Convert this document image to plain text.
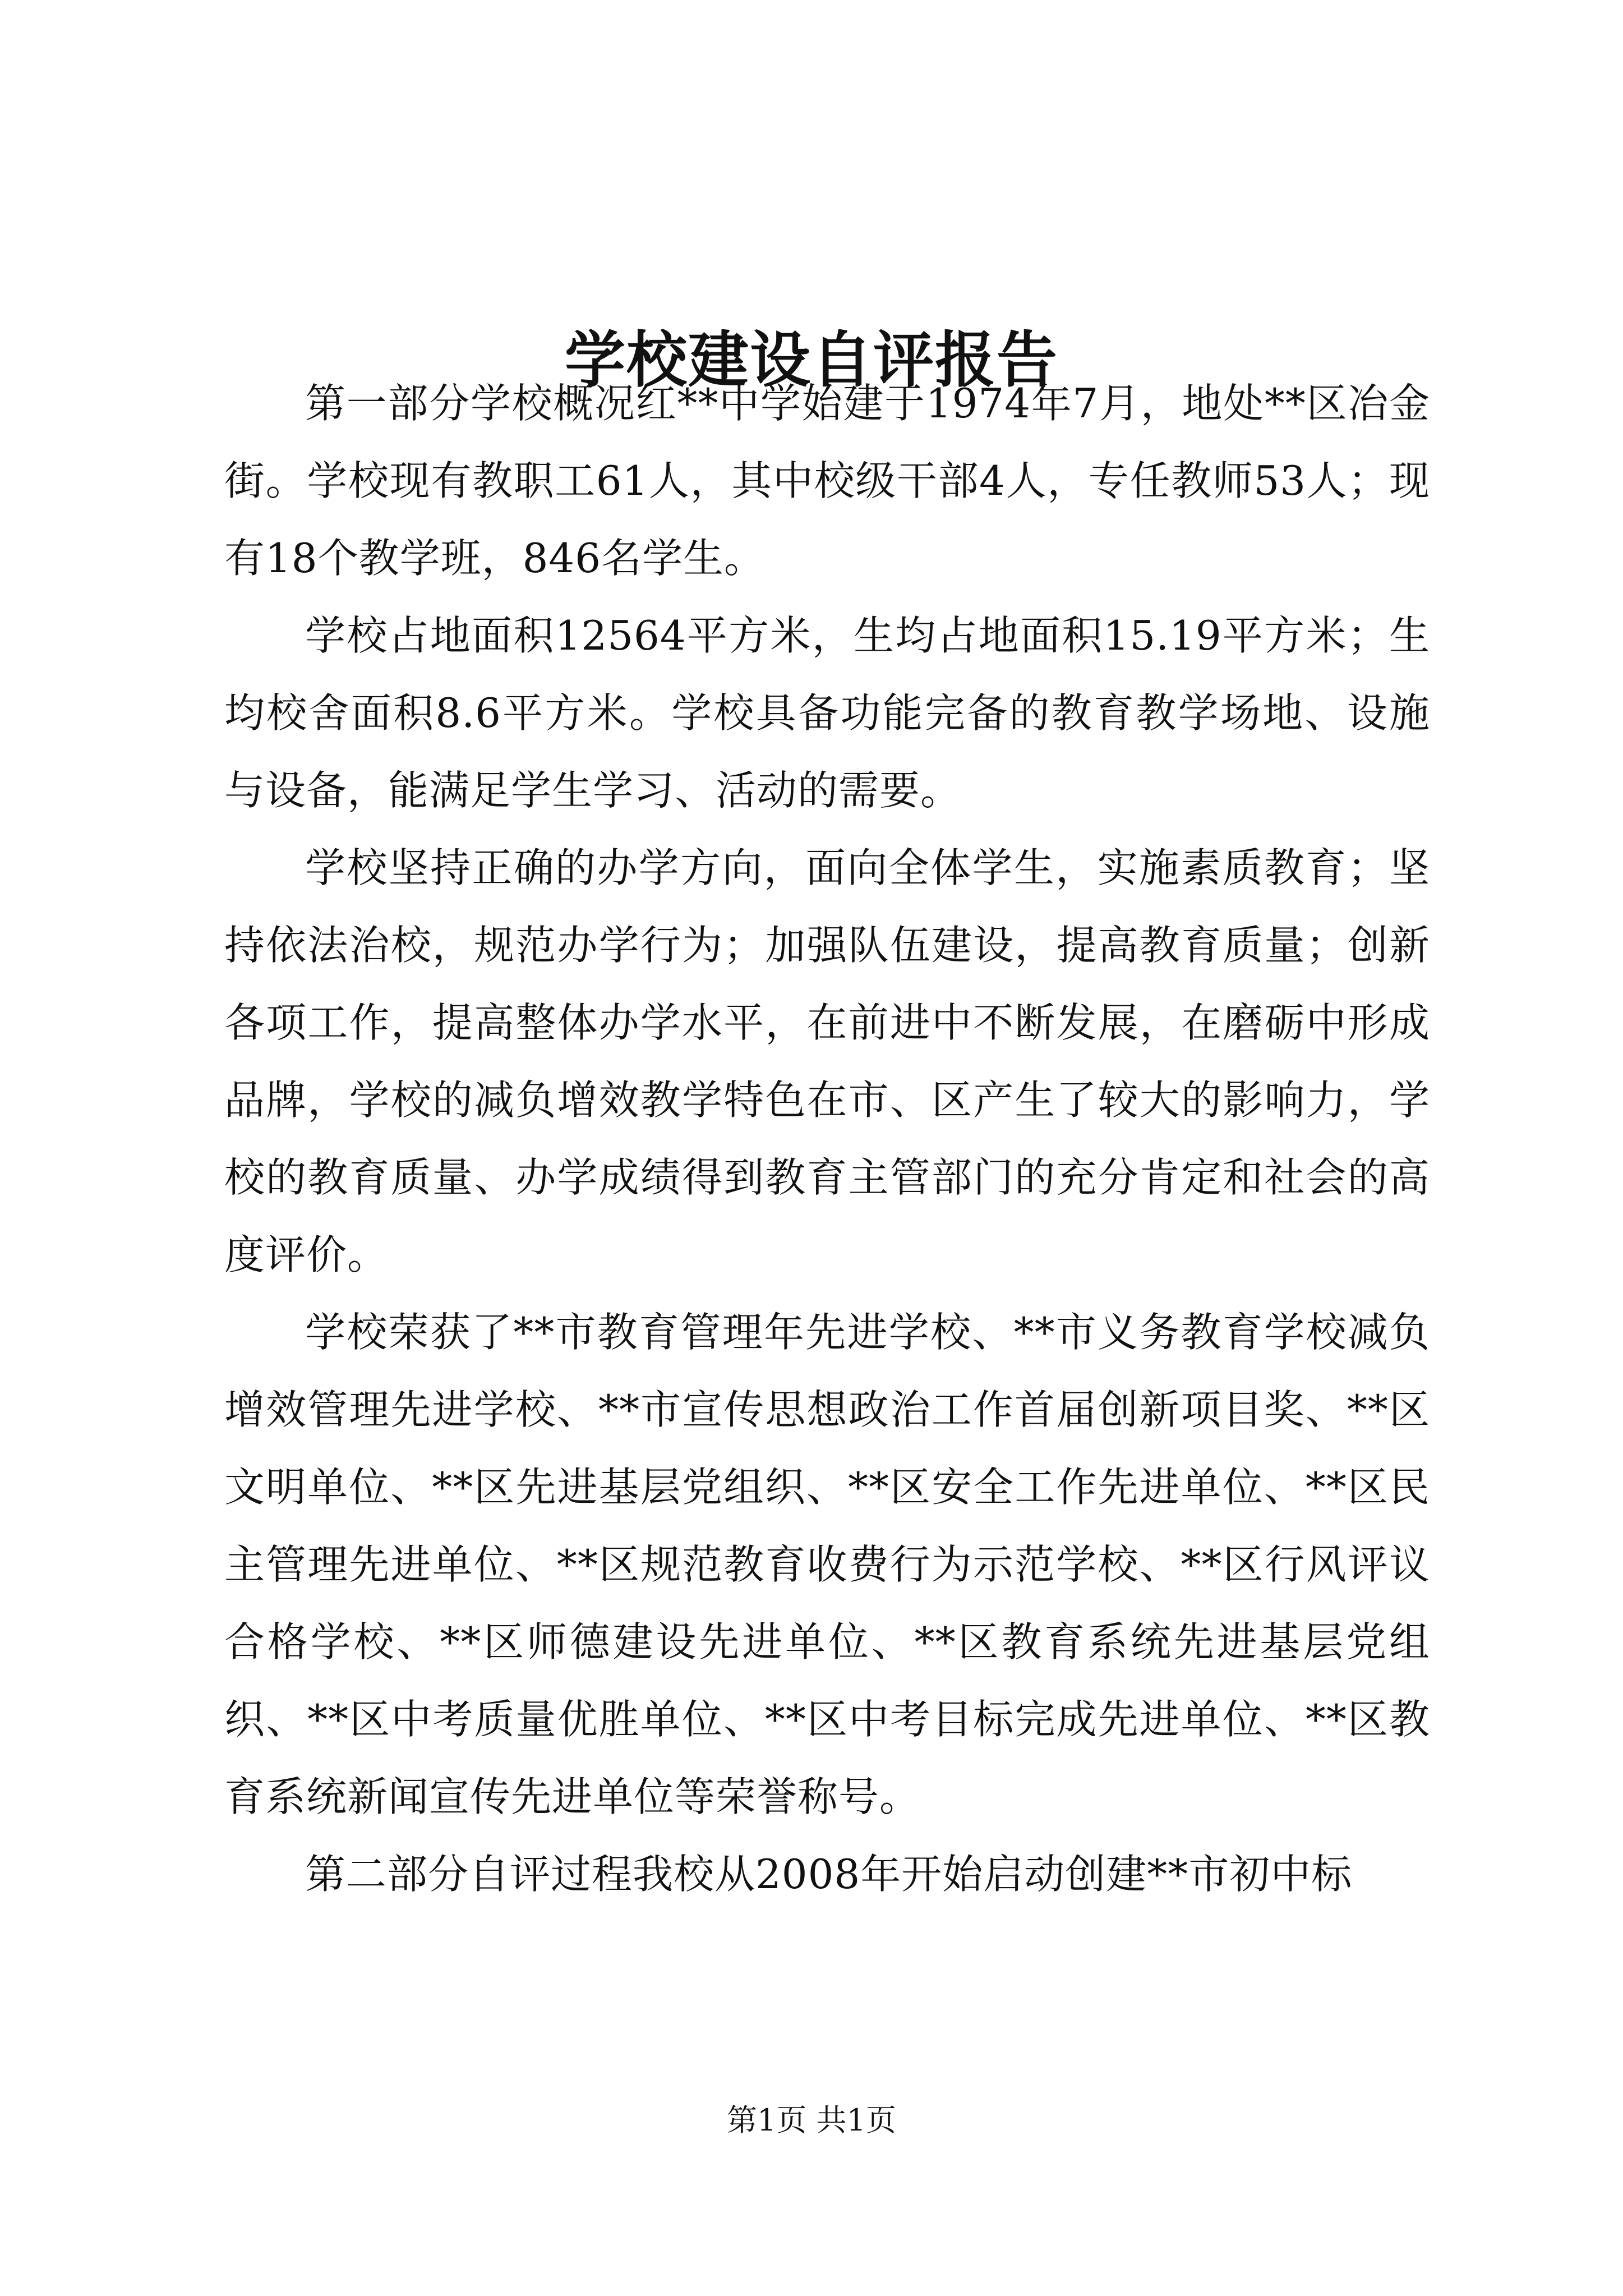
学校建设自评报告

第一部分学校概况红**中学始建于1974年7月，地处**区冶金街。学校现有教职工61人，其中校级干部4人，专任教师53人；现有18个教学班，846名学生。

学校占地面积12564平方米，生均占地面积15.19平方米；生均校舍面积8.6平方米。学校具备功能完备的教育教学场地、设施与设备，能满足学生学习、活动的需要。

学校坚持正确的办学方向，面向全体学生，实施素质教育；坚持依法治校，规范办学行为；加强队伍建设，提高教育质量；创新各项工作，提高整体办学水平，在前进中不断发展，在磨砺中形成品牌，学校的减负增效教学特色在市、区产生了较大的影响力，学校的教育质量、办学成绩得到教育主管部门的充分肯定和社会的高度评价。

学校荣获了**市教育管理年先进学校、**市义务教育学校减负增效管理先进学校、**市宣传思想政治工作首届创新项目奖、**区文明单位、**区先进基层党组织、**区安全工作先进单位、**区民主管理先进单位、**区规范教育收费行为示范学校、**区行风评议合格学校、**区师德建设先进单位、**区教育系统先进基层党组织、**区中考质量优胜单位、**区中考目标完成先进单位、**区教育系统新闻宣传先进单位等荣誉称号。

第二部分自评过程我校从2008年开始启动创建**市初中标

第1页 共1页
